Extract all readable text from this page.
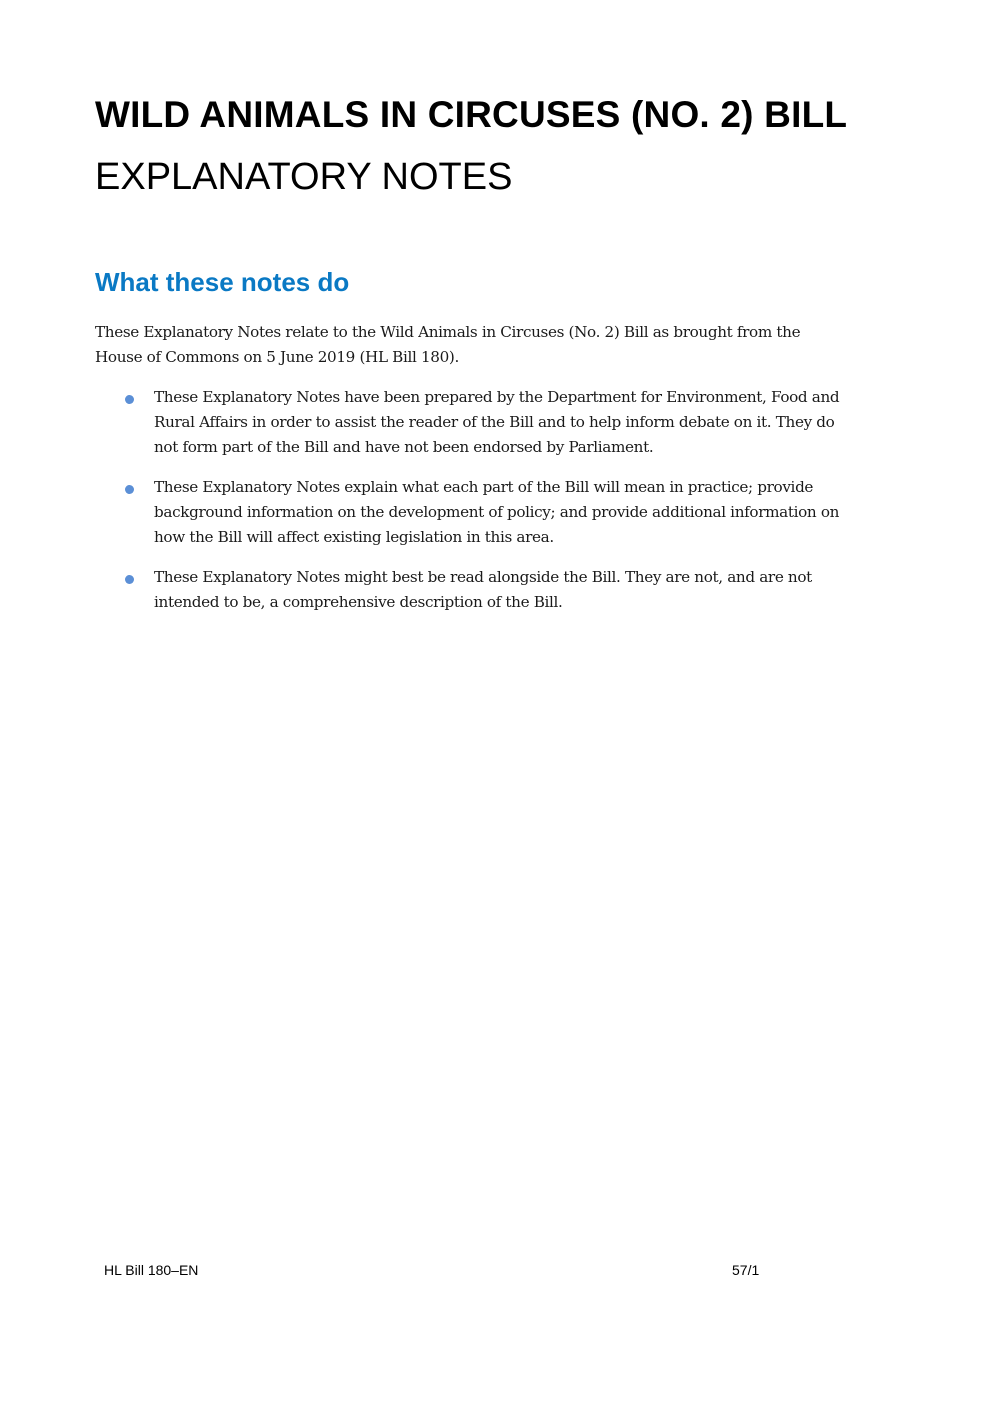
WILD ANIMALS IN CIRCUSES (NO. 2) BILL
EXPLANATORY NOTES
What these notes do
These Explanatory Notes relate to the Wild Animals in Circuses (No. 2) Bill as brought from the
House of Commons on 5 June 2019 (HL Bill 180).
These Explanatory Notes have been prepared by the Department for Environment, Food and
Rural Affairs in order to assist the reader of the Bill and to help inform debate on it. They do
not form part of the Bill and have not been endorsed by Parliament.
These Explanatory Notes explain what each part of the Bill will mean in practice; provide
background information on the development of policy; and provide additional information on
how the Bill will affect existing legislation in this area.
These Explanatory Notes might best be read alongside the Bill. They are not, and are not
intended to be, a comprehensive description of the Bill.
HL Bill 180–EN	57/1
